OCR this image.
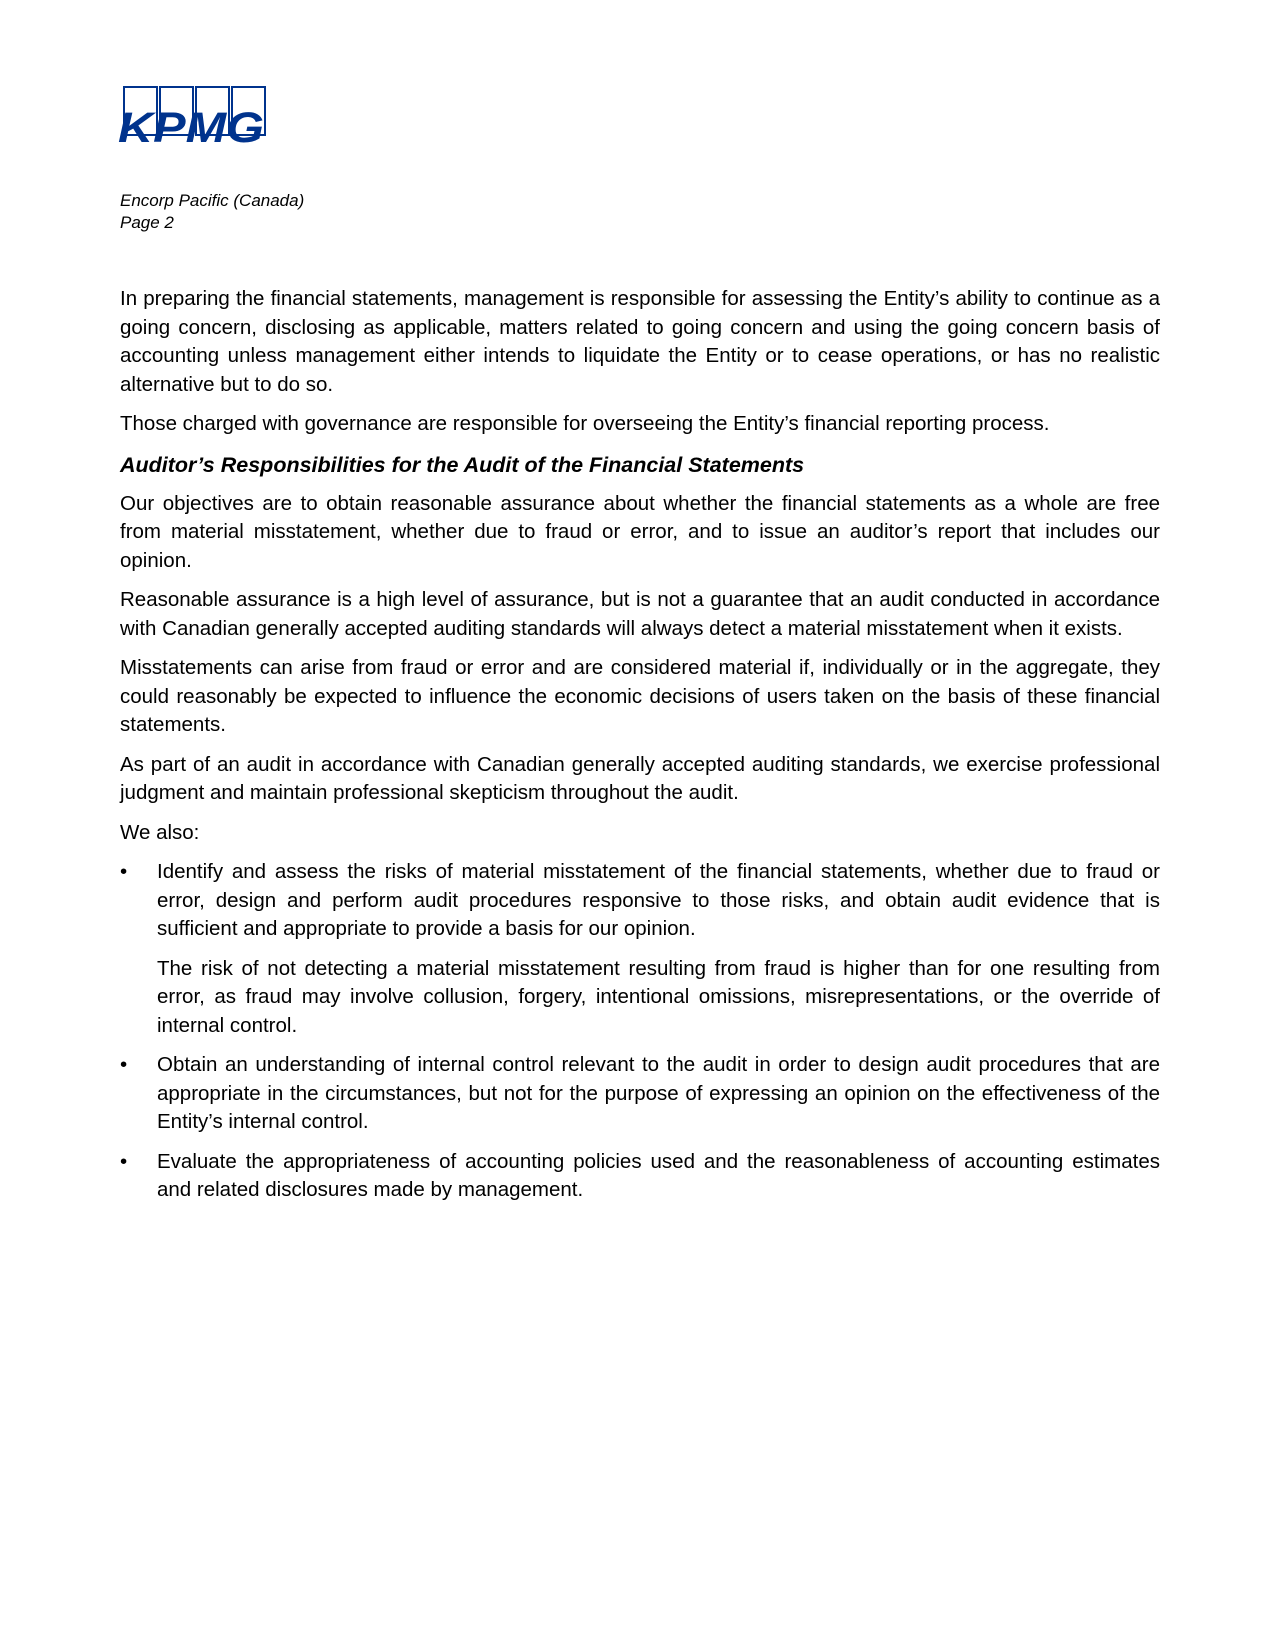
KPMG
Encorp Pacific (Canada)
Page 2

In preparing the financial statements, management is responsible for assessing the Entity’s ability to continue as a going concern, disclosing as applicable, matters related to going concern and using the going concern basis of accounting unless management either intends to liquidate the Entity or to cease operations, or has no realistic alternative but to do so.

Those charged with governance are responsible for overseeing the Entity’s financial reporting process.

Auditor’s Responsibilities for the Audit of the Financial Statements

Our objectives are to obtain reasonable assurance about whether the financial statements as a whole are free from material misstatement, whether due to fraud or error, and to issue an auditor’s report that includes our opinion.

Reasonable assurance is a high level of assurance, but is not a guarantee that an audit conducted in accordance with Canadian generally accepted auditing standards will always detect a material misstatement when it exists.

Misstatements can arise from fraud or error and are considered material if, individually or in the aggregate, they could reasonably be expected to influence the economic decisions of users taken on the basis of these financial statements.

As part of an audit in accordance with Canadian generally accepted auditing standards, we exercise professional judgment and maintain professional skepticism throughout the audit.

We also:

•	Identify and assess the risks of material misstatement of the financial statements, whether due to fraud or error, design and perform audit procedures responsive to those risks, and obtain audit evidence that is sufficient and appropriate to provide a basis for our opinion.

The risk of not detecting a material misstatement resulting from fraud is higher than for one resulting from error, as fraud may involve collusion, forgery, intentional omissions, misrepresentations, or the override of internal control.

•	Obtain an understanding of internal control relevant to the audit in order to design audit procedures that are appropriate in the circumstances, but not for the purpose of expressing an opinion on the effectiveness of the Entity’s internal control.

•	Evaluate the appropriateness of accounting policies used and the reasonableness of accounting estimates and related disclosures made by management.
